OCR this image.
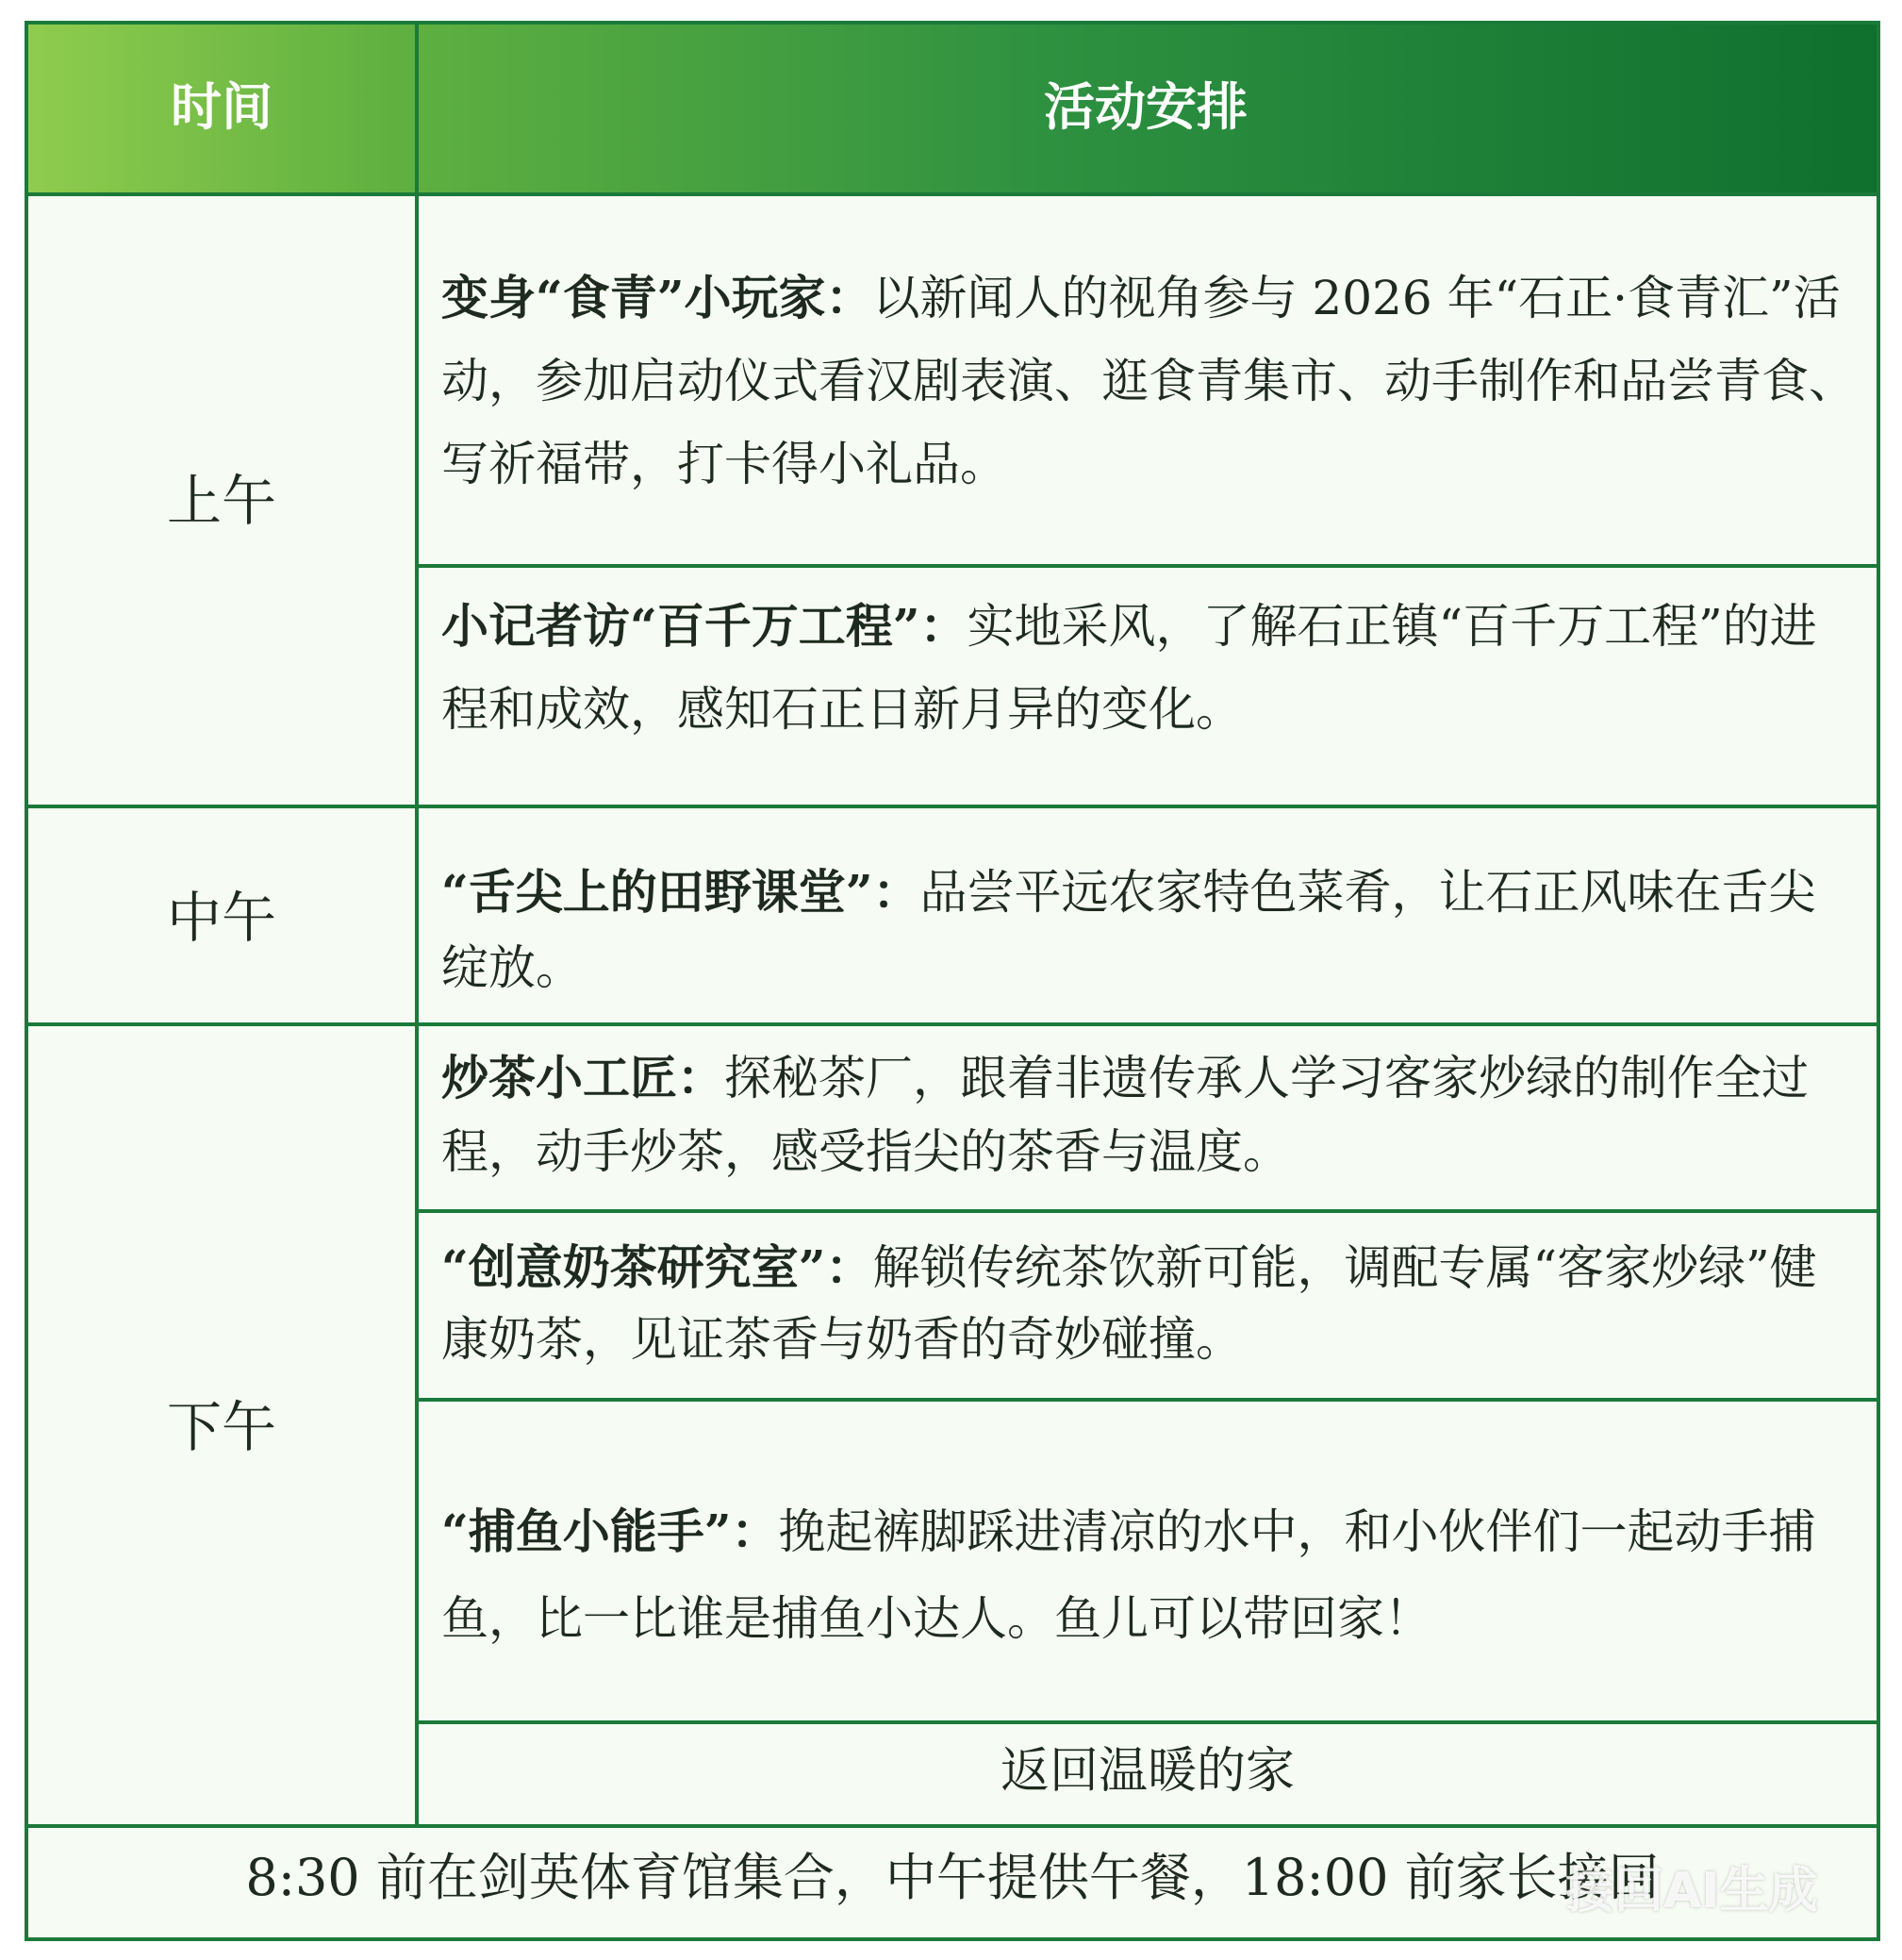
时间	活动安排
上午
中午
下午
变身“食青”小玩家：以新闻人的视角参与 2026 年“石正·食青汇”活动，参加启动仪式看汉剧表演、逛食青集市、动手制作和品尝青食、写祈福带，打卡得小礼品。
小记者访“百千万工程”：实地采风，了解石正镇“百千万工程”的进程和成效，感知石正日新月异的变化。
“舌尖上的田野课堂”：品尝平远农家特色菜肴，让石正风味在舌尖绽放。
炒茶小工匠：探秘茶厂，跟着非遗传承人学习客家炒绿的制作全过程，动手炒茶，感受指尖的茶香与温度。
“创意奶茶研究室”：解锁传统茶饮新可能，调配专属“客家炒绿”健康奶茶，见证茶香与奶香的奇妙碰撞。
“捕鱼小能手”：挽起裤脚踩进清凉的水中，和小伙伴们一起动手捕鱼，比一比谁是捕鱼小达人。鱼儿可以带回家！
返回温暖的家
8:30 前在剑英体育馆集合，中午提供午餐，18:00 前家长接回
接回AI生成
